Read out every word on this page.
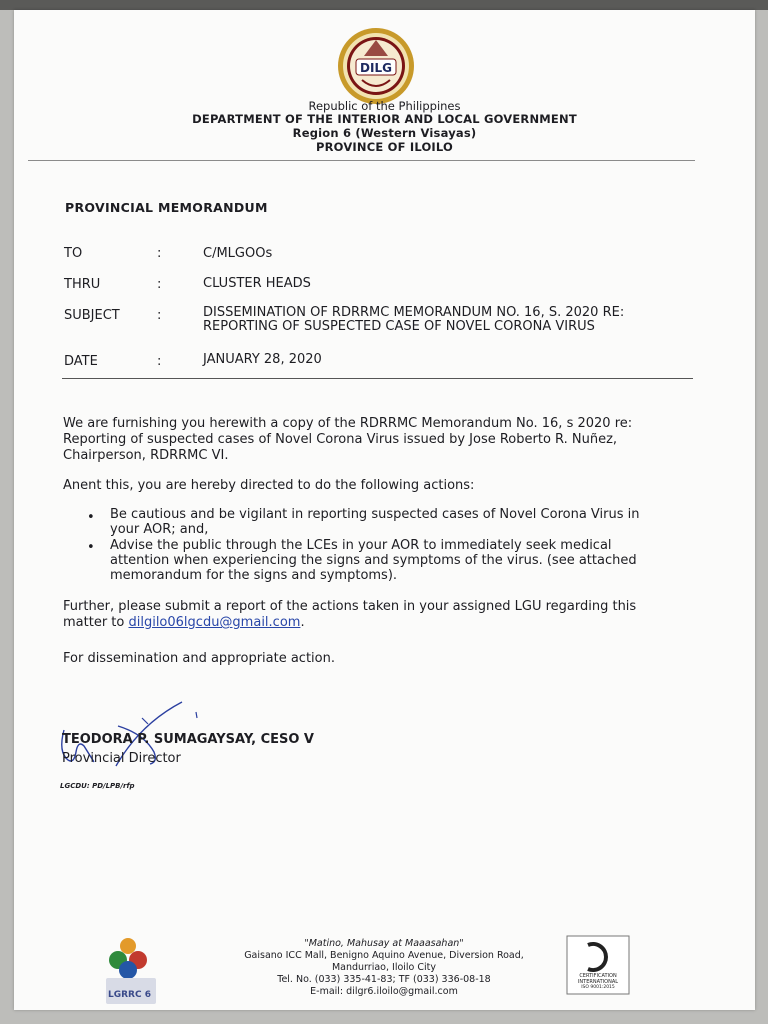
DILG
Republic of the Philippines
DEPARTMENT OF THE INTERIOR AND LOCAL GOVERNMENT
Region 6 (Western Visayas)
PROVINCE OF ILOILO
PROVINCIAL MEMORANDUM
TO	:	C/MLGOOs
THRU	:	CLUSTER HEADS
SUBJECT	:	DISSEMINATION OF RDRRMC MEMORANDUM NO. 16, S. 2020 RE:
REPORTING OF SUSPECTED CASE OF NOVEL CORONA VIRUS
DATE	:	JANUARY 28, 2020
We are furnishing you herewith a copy of the RDRRMC Memorandum No. 16, s 2020 re:
Reporting of suspected cases of Novel Corona Virus issued by Jose Roberto R. Nuñez,
Chairperson, RDRRMC VI.
Anent this, you are hereby directed to do the following actions:
• Be cautious and be vigilant in reporting suspected cases of Novel Corona Virus in
your AOR; and,
• Advise the public through the LCEs in your AOR to immediately seek medical
attention when experiencing the signs and symptoms of the virus. (see attached
memorandum for the signs and symptoms).
Further, please submit a report of the actions taken in your assigned LGU regarding this
matter to dilgilo06lgcdu@gmail.com.
For dissemination and appropriate action.
TEODORA P. SUMAGAYSAY, CESO V
Provincial Director
LGCDU: PD/LPB/rfp
LGRRC 6
"Matino, Mahusay at Maaasahan"
Gaisano ICC Mall, Benigno Aquino Avenue, Diversion Road,
Mandurriao, Iloilo City
Tel. No. (033) 335-41-83; TF (033) 336-08-18
E-mail: dilgr6.iloilo@gmail.com
CERTIFICATION
INTERNATIONAL
ISO 9001:2015
